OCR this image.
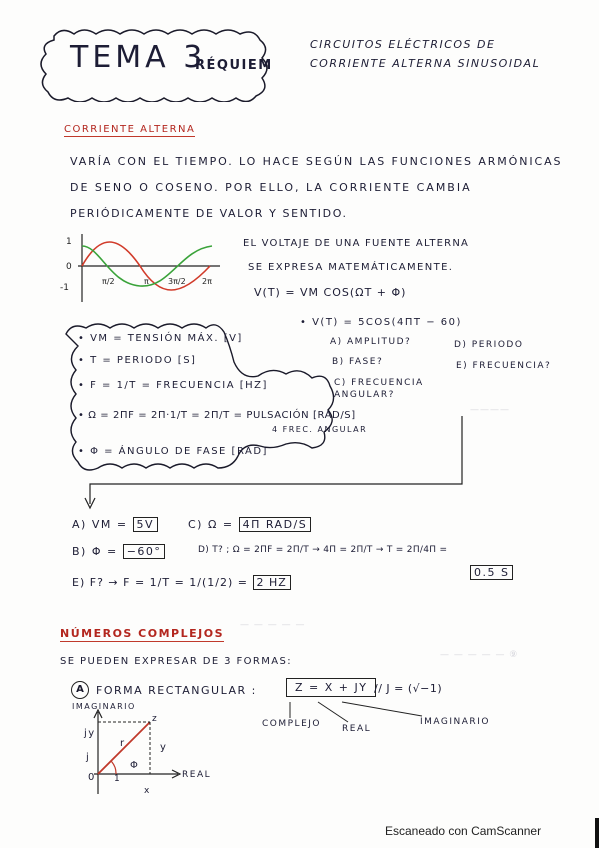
TEMA 3
RÉQUIEM
CIRCUITOS ELÉCTRICOS DE
CORRIENTE ALTERNA SINUSOIDAL
CORRIENTE ALTERNA
VARÍA CON EL TIEMPO. LO HACE SEGÚN LAS FUNCIONES ARMÓNICAS
DE SENO O COSENO. POR ELLO, LA CORRIENTE CAMBIA
PERIÓDICAMENTE DE VALOR Y SENTIDO.
1
0
-1
π/2	π 3π/2 2π
EL VOLTAJE DE UNA FUENTE ALTERNA
SE EXPRESA MATEMÁTICAMENTE.
V(T) = VM COS(ΩT + Φ)
• VM = TENSIÓN MÁX. [V]
• T = PERIODO [S]
• F = 1/T = FRECUENCIA [HZ]
• Ω = 2ΠF = 2Π·1/T = 2Π/T = PULSACIÓN [RAD/S]
4 FREC. ANGULAR
• Φ = ÁNGULO DE FASE [RAD]
• V(T) = 5COS(4ΠT − 60)
A) AMPLITUD?
B) FASE?
C) FRECUENCIA ANGULAR?
D) PERIODO
E) FRECUENCIA?
A) VM = 5V	C) Ω = 4Π RAD/S
B) Φ = −60°	D) T? ; Ω = 2ΠF = 2Π/T → 4Π = 2Π/T → T = 2Π/4Π =
0.5 S
E) F? → F = 1/T = 1/(1/2) = 2 HZ
NÚMEROS COMPLEJOS
SE PUEDEN EXPRESAR DE 3 FORMAS:
A	FORMA RECTANGULAR :	Z = X + JY // J = (√−1)
COMPLEJO REAL
IMAGINARIO
IMAGINARIO
REAL
z
r
Φ
y
x
j
jy
0 1
————
— — — — — ⑨
— — — — —
Escaneado con CamScanner
